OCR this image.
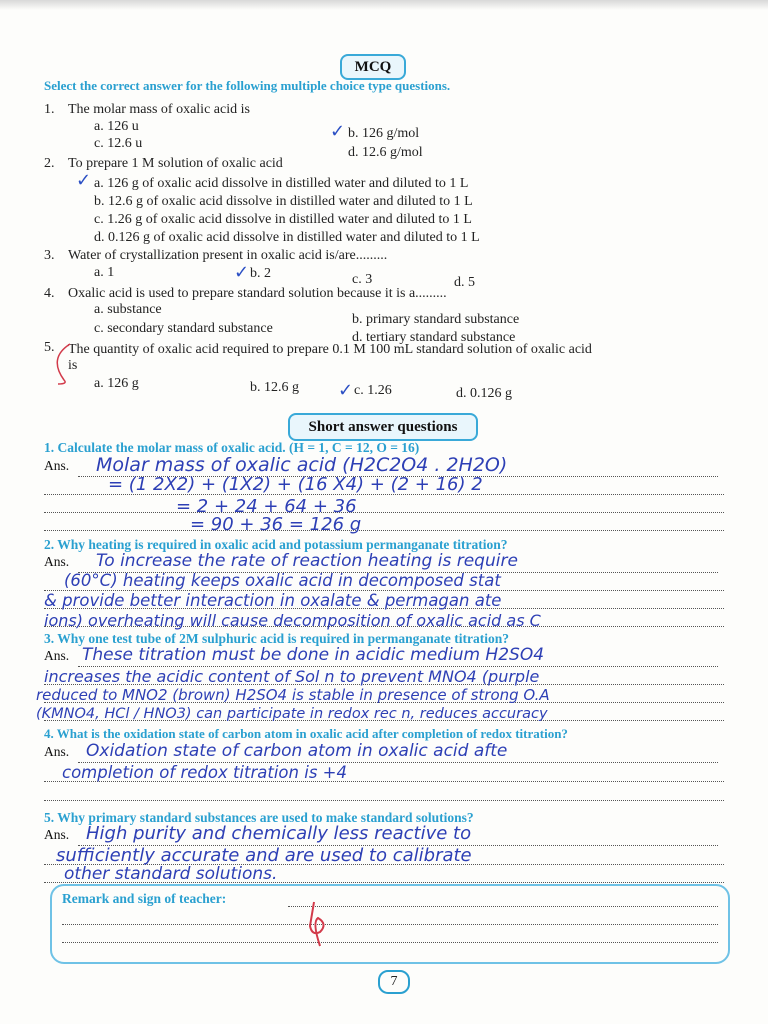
MCQ
Select the correct answer for the following multiple choice type questions.
1. The molar mass of oxalic acid is
a. 126 u
c. 12.6 u
✓ b. 126 g/mol
d. 12.6 g/mol
2. To prepare 1 M solution of oxalic acid
✓ a. 126 g of oxalic acid dissolve in distilled water and diluted to 1 L
b. 12.6 g of oxalic acid dissolve in distilled water and diluted to 1 L
c. 1.26 g of oxalic acid dissolve in distilled water and diluted to 1 L
d. 0.126 g of oxalic acid dissolve in distilled water and diluted to 1 L
3. Water of crystallization present in oxalic acid is/are.........
a. 1	✓ b. 2	c. 3	d. 5
4. Oxalic acid is used to prepare standard solution because it is a.........
a. substance
b. primary standard substance
c. secondary standard substance
d. tertiary standard substance
5. The quantity of oxalic acid required to prepare 0.1 M 100 mL standard solution of oxalic acid
is
a. 126 g	b. 12.6 g ✓ c. 1.26	d. 0.126 g
Short answer questions
1. Calculate the molar mass of oxalic acid. (H = 1, C = 12, O = 16)
Ans. Molar mass of oxalic acid (H2C2O4 . 2H2O)
= (1 2X2) + (1X2) + (16 X4) + (2 + 16) 2
= 2 + 24 + 64 + 36
= 90 + 36 = 126 g
2. Why heating is required in oxalic acid and potassium permanganate titration?
Ans. To increase the rate of reaction heating is require
(60°C) heating keeps oxalic acid in decomposed stat
& provide better interaction in oxalate & permagan ate
ions) overheating will cause decomposition of oxalic acid as C
3. Why one test tube of 2M sulphuric acid is required in permanganate titration?
Ans. These titration must be done in acidic medium H2SO4
increases the acidic content of Sol n to prevent MNO4 (purple
reduced to MNO2 (brown) H2SO4 is stable in presence of strong O.A
(KMNO4, HCl / HNO3) can participate in redox rec n, reduces accuracy
4. What is the oxidation state of carbon atom in oxalic acid after completion of redox titration?
Ans. Oxidation state of carbon atom in oxalic acid afte
completion of redox titration is +4
5. Why primary standard substances are used to make standard solutions?
Ans. High purity and chemically less reactive to
sufficiently accurate and are used to calibrate
other standard solutions.
Remark and sign of teacher:
7
